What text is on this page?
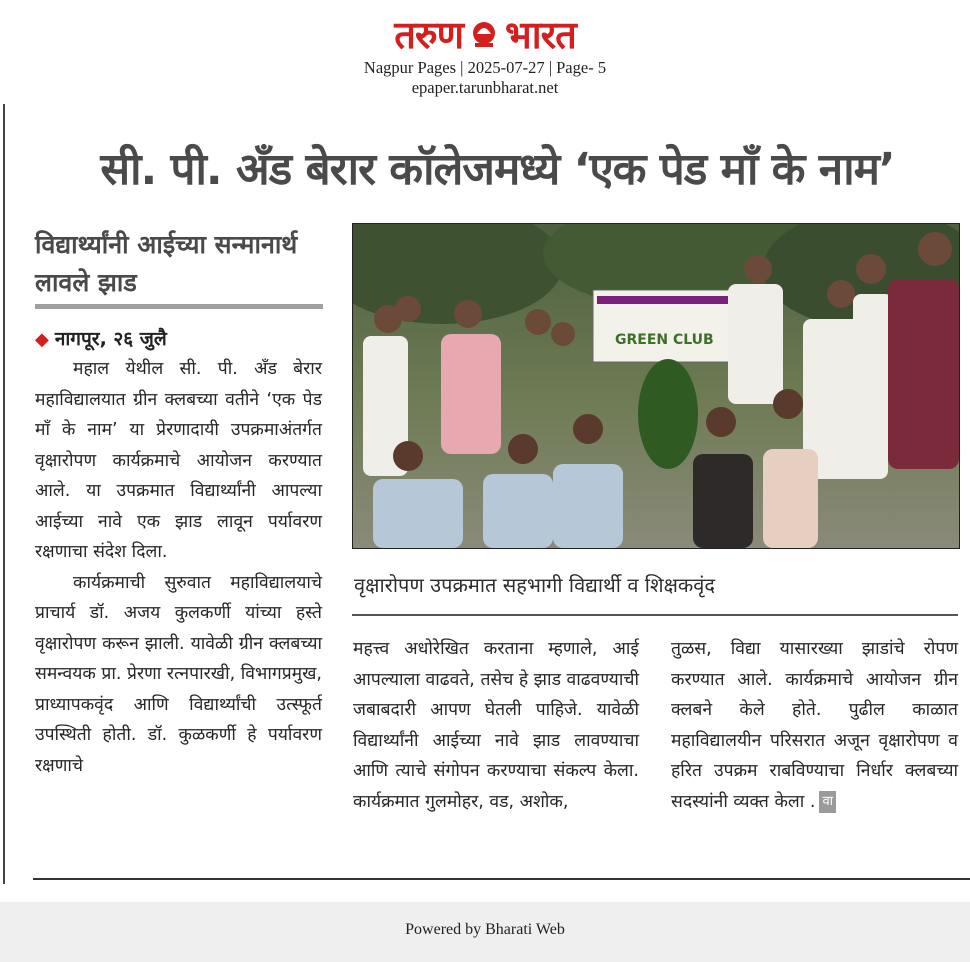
तरुण भारत
Nagpur Pages | 2025-07-27 | Page- 5
epaper.tarunbharat.net
सी. पी. अँड बेरार कॉलेजमध्ये ‘एक पेड माँ के नाम’
विद्यार्थ्यांनी आईच्या सन्मानार्थ लावले झाड
◆ नागपूर, २६ जुलै

महाल येथील सी. पी. अँड बेरार महाविद्यालयात ग्रीन क्लबच्या वतीने ‘एक पेड माँ के नाम’ या प्रेरणादायी उपक्रमाअंतर्गत वृक्षारोपण कार्यक्रमाचे आयोजन करण्यात आले. या उपक्रमात विद्यार्थ्यांनी आपल्या आईच्या नावे एक झाड लावून पर्यावरण रक्षणाचा संदेश दिला.

कार्यक्रमाची सुरुवात महाविद्यालयाचे प्राचार्य डॉ. अजय कुलकर्णी यांच्या हस्ते वृक्षारोपण करून झाली. यावेळी ग्रीन क्लबच्या समन्वयक प्रा. प्रेरणा रत्नपारखी, विभागप्रमुख, प्राध्यापकवृंद आणि विद्यार्थ्यांची उत्स्फूर्त उपस्थिती होती. डॉ. कुळकर्णी हे पर्यावरण रक्षणाचे

GREEN CLUB
वृक्षारोपण उपक्रमात सहभागी विद्यार्थी व शिक्षकवृंद

महत्त्व अधोरेखित करताना म्हणाले, आई आपल्याला वाढवते, तसेच हे झाड वाढवण्याची जबाबदारी आपण घेतली पाहिजे. यावेळी विद्यार्थ्यांनी आईच्या नावे झाड लावण्याचा आणि त्याचे संगोपन करण्याचा संकल्प केला. कार्यक्रमात गुलमोहर, वड, अशोक,

तुळस, विद्या यासारख्या झाडांचे रोपण करण्यात आले. कार्यक्रमाचे आयोजन ग्रीन क्लबने केले होते. पुढील काळात महाविद्यालयीन परिसरात अजून वृक्षारोपण व हरित उपक्रम राबविण्याचा निर्धार क्लबच्या सदस्यांनी व्यक्त केला . वा

Powered by Bharati Web
